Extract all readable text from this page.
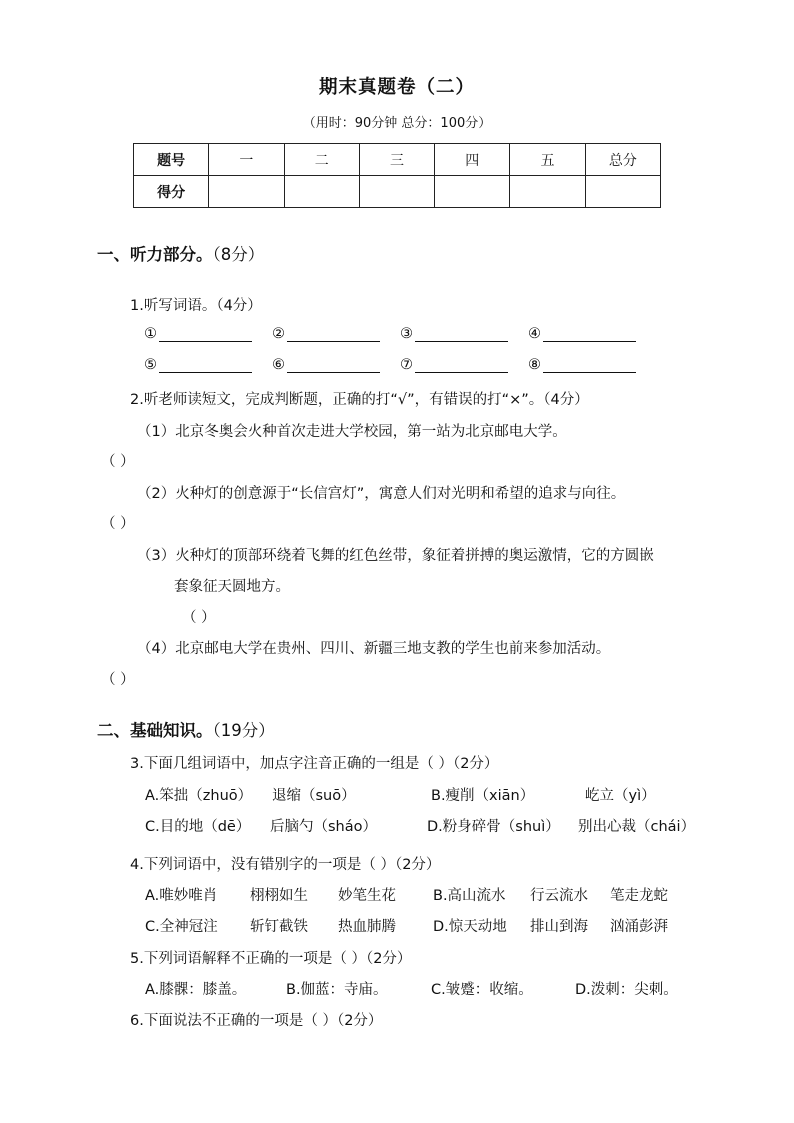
期末真题卷（二）
（用时：90分钟 总分：100分）
题号	一	二	三	四	五	总分
得分						
一、听力部分。（8分）
1.听写词语。（4分）
①	②	③	④
⑤	⑥	⑦	⑧
2.听老师读短文，完成判断题，正确的打“√”，有错误的打“×”。（4分）
（1）北京冬奥会火种首次走进大学校园，第一站为北京邮电大学。
（ ）
（2）火种灯的创意源于“长信宫灯”，寓意人们对光明和希望的追求与向往。
（ ）
（3）火种灯的顶部环绕着飞舞的红色丝带，象征着拼搏的奥运激情，它的方圆嵌
套象征天圆地方。
（ ）
（4）北京邮电大学在贵州、四川、新疆三地支教的学生也前来参加活动。
（ ）
二、基础知识。（19分）
3.下面几组词语中，加点字注音正确的一组是（ ）（2分）
A.笨拙（zhuō） 退缩（suō）	B.瘦削（xiān）	屹立（yì）
C.目的地（dē） 后脑勺（sháo）	D.粉身碎骨（shuì） 别出心裁（chái）
4.下列词语中，没有错别字的一项是（ ）（2分）
A.唯妙唯肖 栩栩如生 妙笔生花	B.高山流水 行云流水 笔走龙蛇
C.全神冠注 斩钉截铁 热血肺腾	D.惊天动地 排山到海 汹涌彭湃
5.下列词语解释不正确的一项是（ ）（2分）
A.膝髁：膝盖。	B.伽蓝：寺庙。	C.皱蹙：收缩。	D.泼刺：尖刺。
6.下面说法不正确的一项是（ ）（2分）
